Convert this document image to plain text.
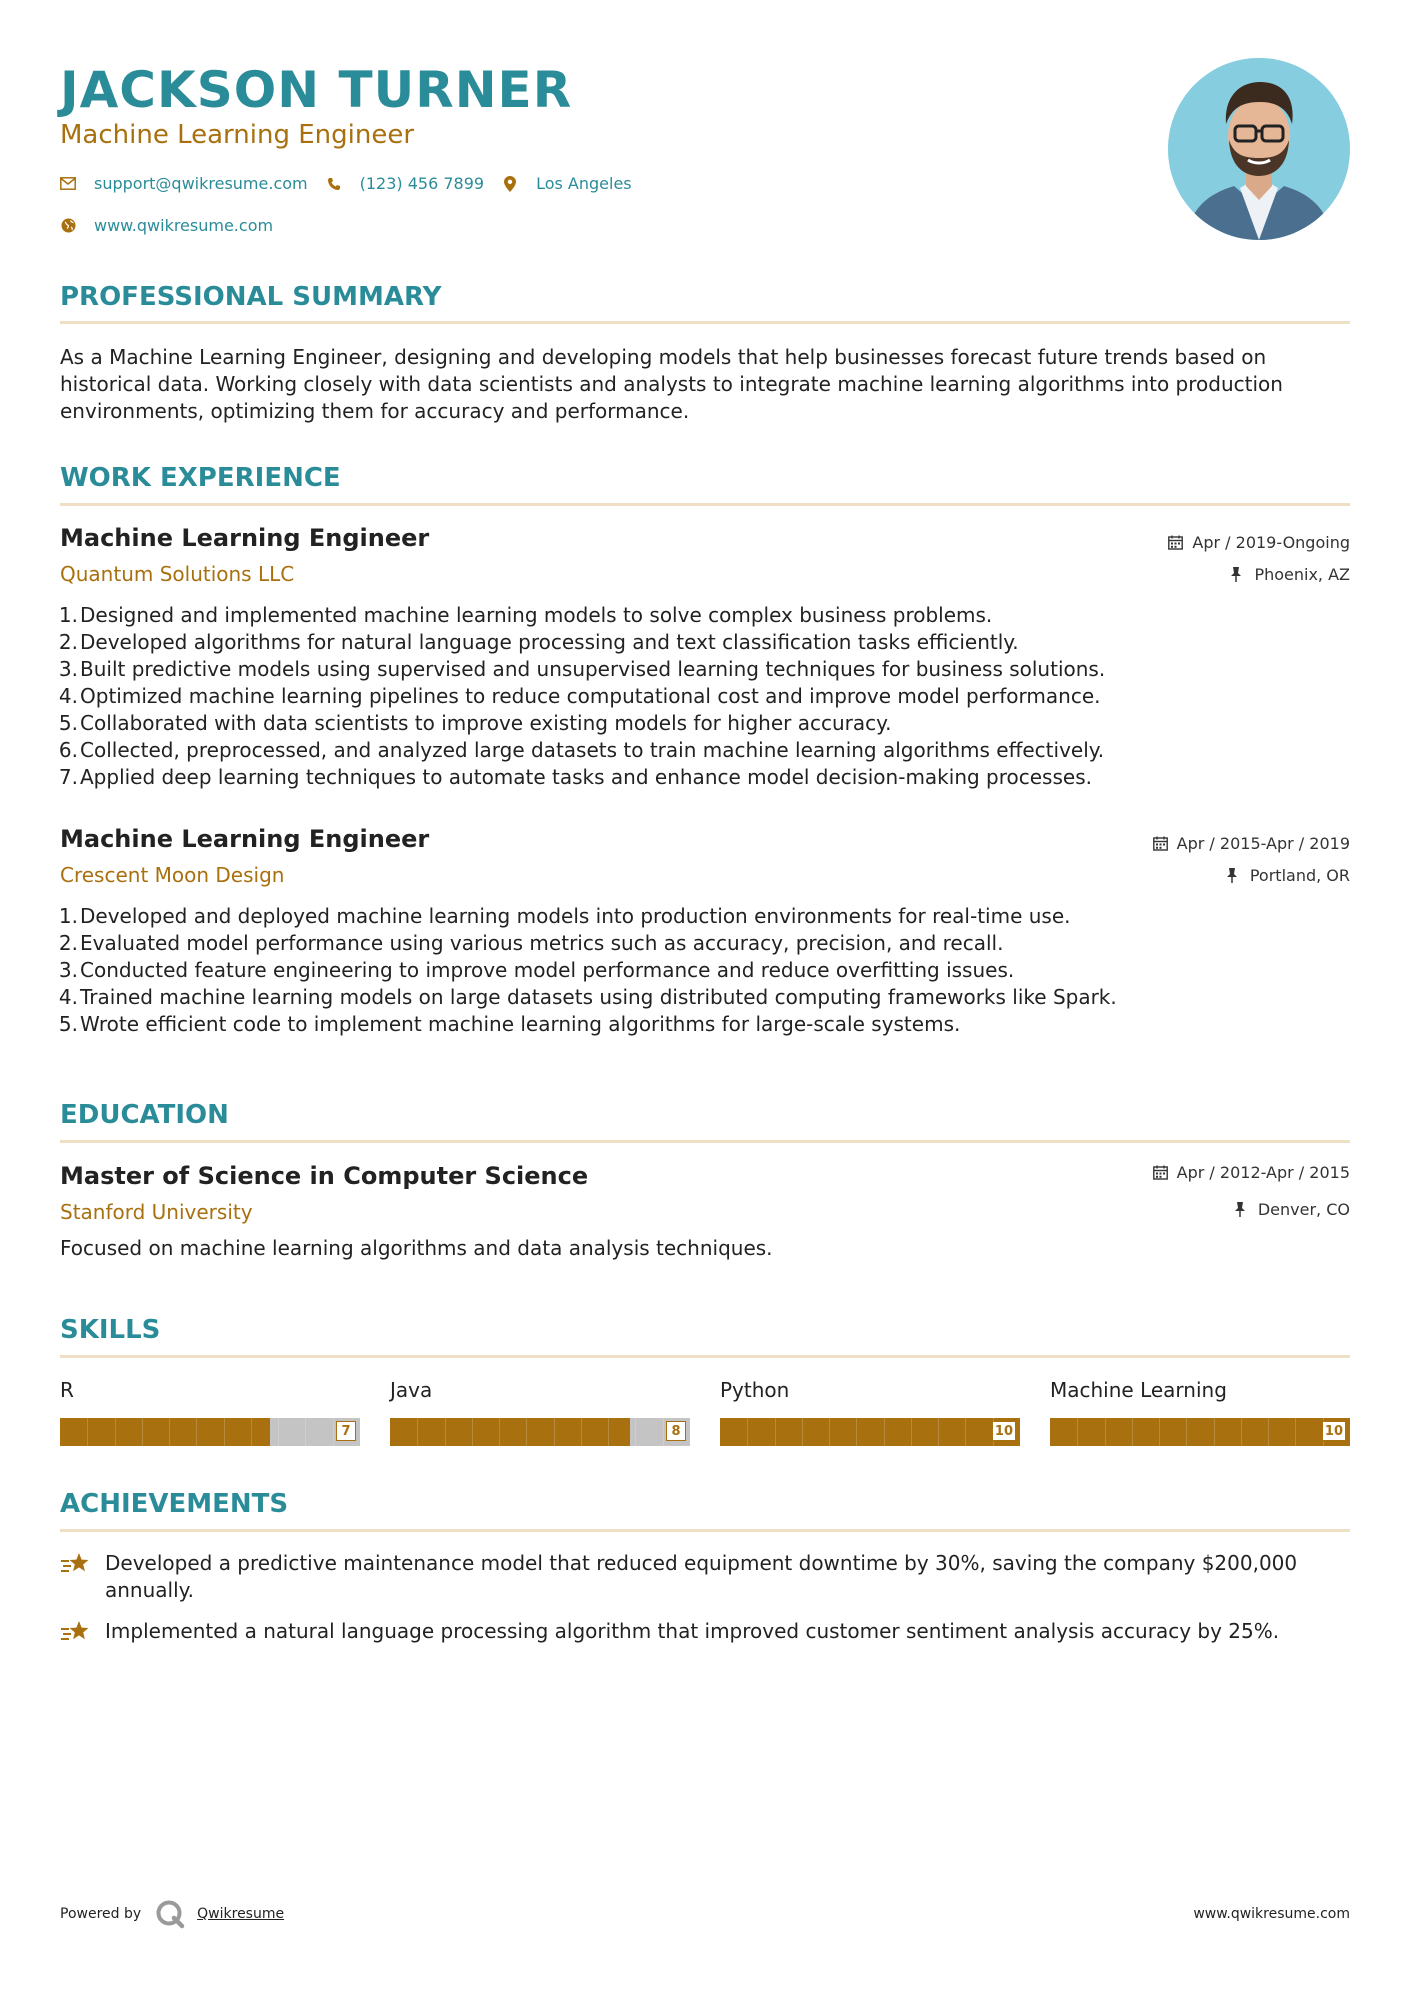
JACKSON TURNER

Machine Learning Engineer

support@qwikresume.com	(123) 456 7899	Los Angeles
www.qwikresume.com
PROFESSIONAL SUMMARY

As a Machine Learning Engineer, designing and developing models that help businesses forecast future trends based on historical data. Working closely with data scientists and analysts to integrate machine learning algorithms into production environments, optimizing them for accuracy and performance.

WORK EXPERIENCE
Machine Learning Engineer

Quantum Solutions LLC

Apr / 2019-Ongoing
Phoenix, AZ
1. Designed and implemented machine learning models to solve complex business problems.
2. Developed algorithms for natural language processing and text classification tasks efficiently.
3. Built predictive models using supervised and unsupervised learning techniques for business solutions.
4. Optimized machine learning pipelines to reduce computational cost and improve model performance.
5. Collaborated with data scientists to improve existing models for higher accuracy.
6. Collected, preprocessed, and analyzed large datasets to train machine learning algorithms effectively.
7. Applied deep learning techniques to automate tasks and enhance model decision-making processes.
Machine Learning Engineer

Crescent Moon Design

Apr / 2015-Apr / 2019
Portland, OR
1. Developed and deployed machine learning models into production environments for real-time use.
2. Evaluated model performance using various metrics such as accuracy, precision, and recall.
3. Conducted feature engineering to improve model performance and reduce overfitting issues.
4. Trained machine learning models on large datasets using distributed computing frameworks like Spark.
5. Wrote efficient code to implement machine learning algorithms for large-scale systems.
EDUCATION
Master of Science in Computer Science

Stanford University

Apr / 2012-Apr / 2015
Denver, CO

Focused on machine learning algorithms and data analysis techniques.

SKILLS

R

7

Java

8

Python

10

Machine Learning

10
ACHIEVEMENTS
Developed a predictive maintenance model that reduced equipment downtime by 30%, saving the company $200,000 annually.
Implemented a natural language processing algorithm that improved customer sentiment analysis accuracy by 25%.
Powered by	Qwikresume	www.qwikresume.com
